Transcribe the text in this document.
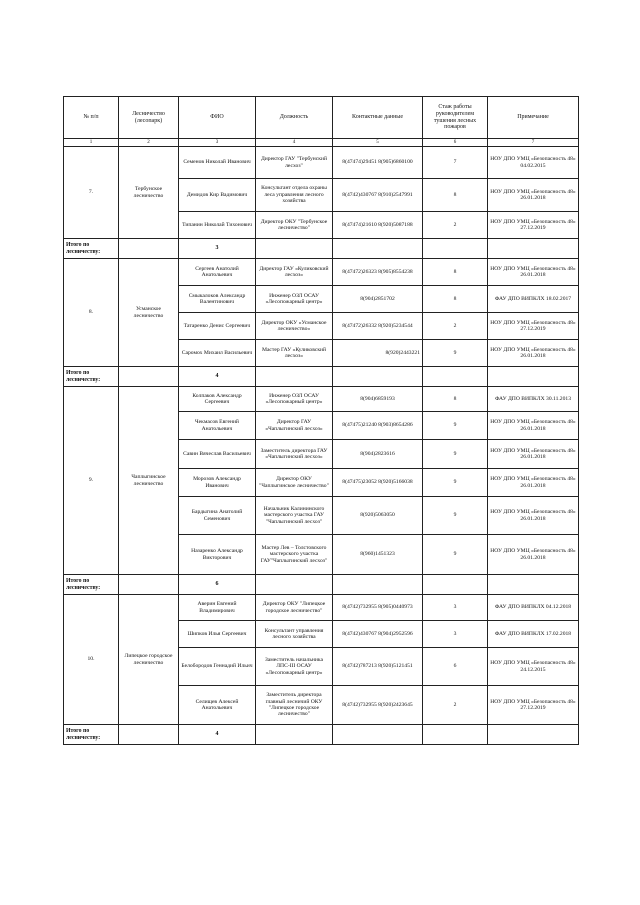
№ п/п	Лесничество (лесопарк)	ФИО	Должность	Контактные данные	Стаж работы руководителем тушения лесных пожаров	Примечание
1	2	3	4	5	6	7
7.	Тербунское лесничество	Семенов Николай Иванович	Директор ГАУ "Тербунский лесхоз"	8(47474)29451 8(905)6860100	7	НОУ ДПО УМЦ «Безопасность 48» 04.02.2015
		Демидов Кир Вадимович	Консультант отдела охраны леса управления лесного хозяйства	8(4742)430767 8(910)2547991	8	НОУ ДПО УМЦ «Безопасность 48» 26.01.2018
		Типанин Николай Тихонович	Директор ОКУ "Тербунское лесничество"	8(47474)21610 8(920)5087188	2	НОУ ДПО УМЦ «Безопасность 48» 27.12.2019
Итого по лесничеству:		3				
8.	Усманское лесничество	Сергеев Анатолий Анатольевич	Директор ГАУ «Куликовский лесхоз»	8(47472)26323 8(905)8554238	8	НОУ ДПО УМЦ «Безопасность 48» 26.01.2018
		Смыкалоков Александр Валентинович	Инженер ОЗЛ ОСАУ «Лесопожарный центр»	8(904)2851702	8	ФАУ ДПО ВИПКЛХ 18.02.2017
		Татаренко Денис Сергеевич	Директор ОКУ «Усманское лесничество»	8(47472)26332 8(920)5234544	2	НОУ ДПО УМЦ «Безопасность 48» 27.12.2019
		Саромох Михаил Васильевич	Мастер ГАУ «Куликовский лесхоз»	8(920)2443221	9	НОУ ДПО УМЦ «Безопасность 48» 26.01.2018
Итого по лесничеству:		4				
9.	Чаплыгинское лесничество	Колпаков Александр Сергеевич	Инженер ОЗЛ ОСАУ «Лесопожарный центр»	8(904)6859193	8	ФАУ ДПО ВИПКЛХ 30.11.2013
		Чекмасов Евгений Анатольевич	Директор ГАУ «Чаплыгинский лесхоз»	8(47475)21240 8(903)8654286	9	НОУ ДПО УМЦ «Безопасность 48» 26.01.2018
		Савин Вячеслав Васильевич	Заместитель директора ГАУ «Чаплыгинский лесхоз»	8(904)2823616	9	НОУ ДПО УМЦ «Безопасность 48» 26.01.2018
		Морозов Александр Иванович	Директор ОКУ "Чаплыгинское лесничество"	8(47475)23052 8(920)5166038	9	НОУ ДПО УМЦ «Безопасность 48» 26.01.2018
		Бардыгина Анатолий Семенович	Начальник Калининского мастерского участка ГАУ "Чаплыгинский лесхоз"	8(920)5063050	9	НОУ ДПО УМЦ «Безопасность 48» 26.01.2018
		Назаренко Александр Викторович	Мастер Лев – Толстовского мастерского участка ГАУ"Чаплыгинский лесхоз"	8(960)1451323	9	НОУ ДПО УМЦ «Безопасность 48» 26.01.2018
Итого по лесничеству:		6				
10.	Липецкое городское лесничество	Аверин Евгений Владимирович	Директор ОКУ "Липецкое городское лесничество"	8(4742)732955 8(905)0440973	3	ФАУ ДПО ВИПКЛХ 04.12.2018
		Шипков Илья Сергеевич	Консультант управления лесного хозяйства	8(4742)430767 8(904)2952596	3	ФАУ ДПО ВИПКЛХ 17.02.2018
		Белобородов Геннадий Ильич	Заместитель начальника ЛПС-III ОСАУ «Лесопожарный центр»	8(4742)787213 8(920)5121451	6	НОУ ДПО УМЦ «Безопасность 48» 24.12.2015
		Селищев Алексей Анатольевич	Заместитель директора главный лесничий ОКУ "Липецкое городское лесничество"	8(4742)732955 8(920)2423645	2	НОУ ДПО УМЦ «Безопасность 48» 27.12.2019
Итого по лесничеству:		4				
